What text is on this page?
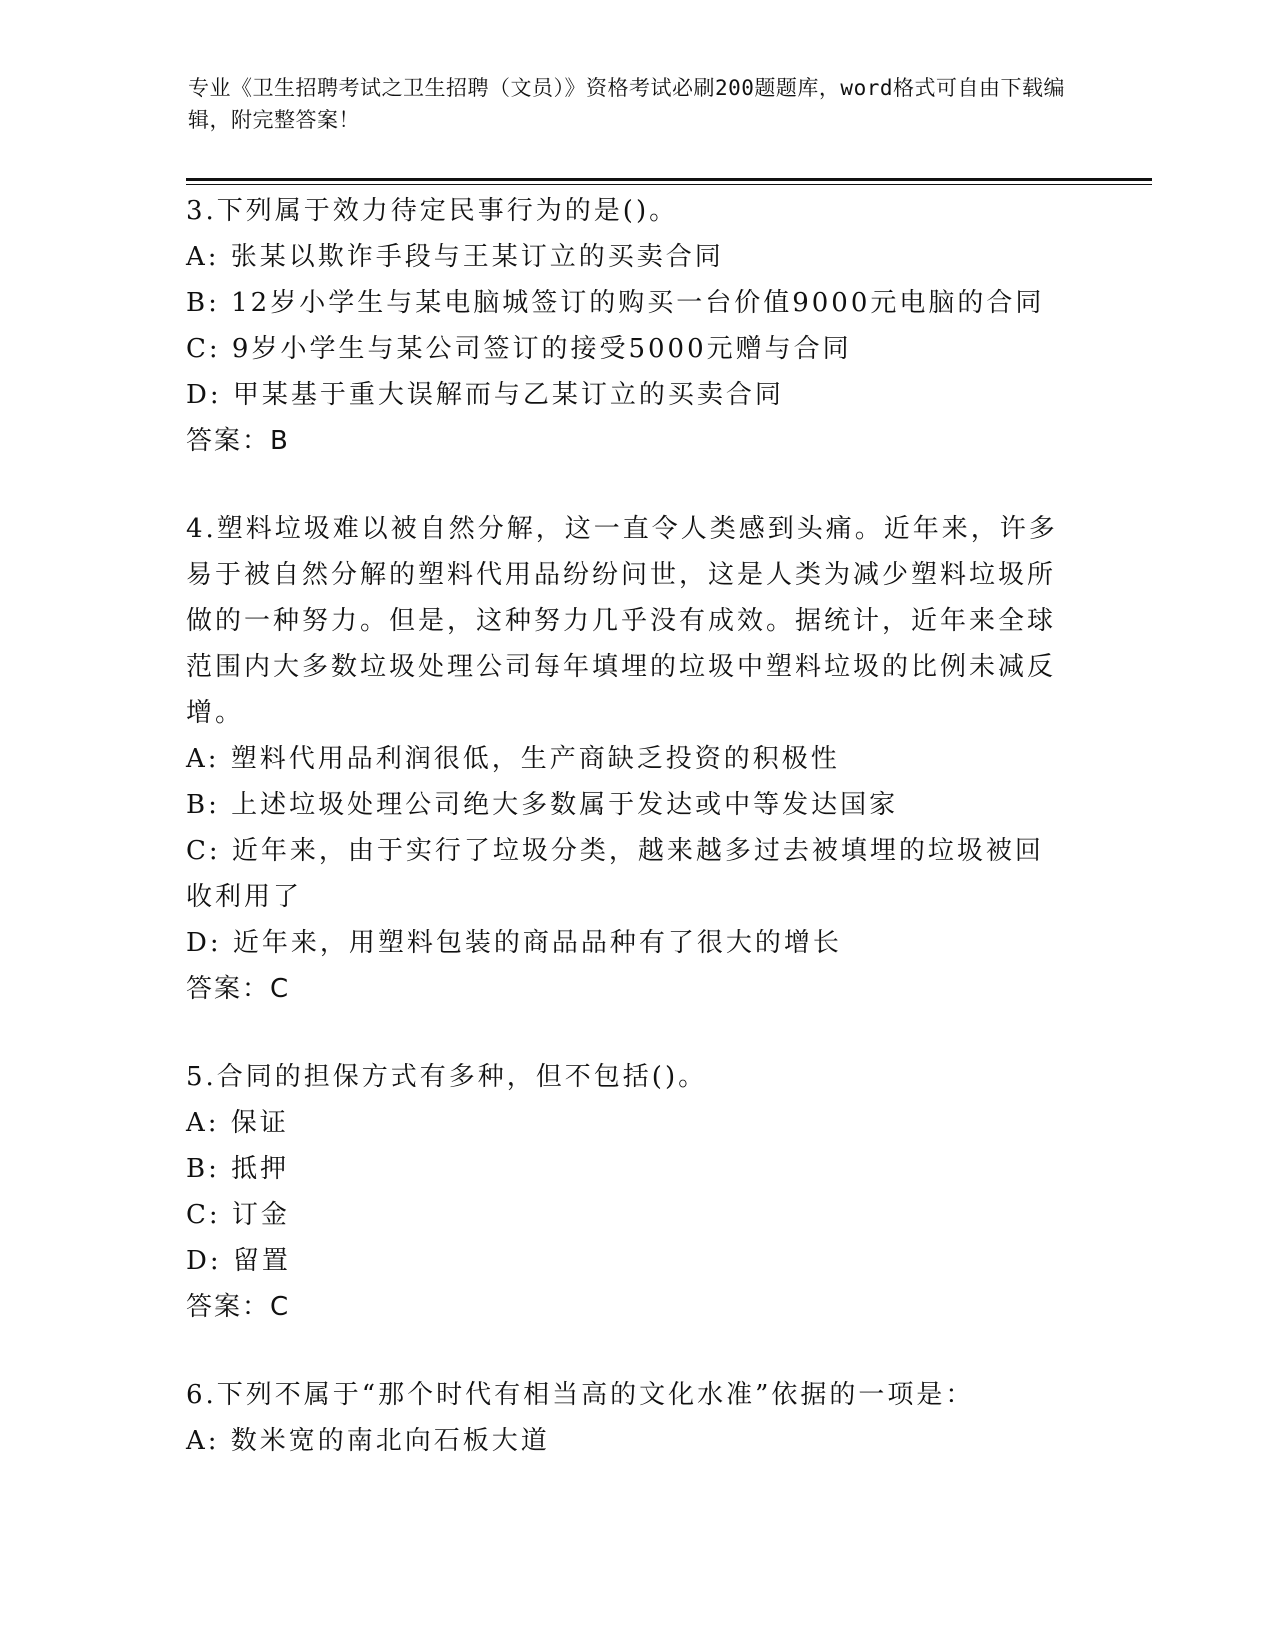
专业《卫生招聘考试之卫生招聘（文员）》资格考试必刷200题题库，word格式可自由下载编辑，附完整答案！
3.下列属于效力待定民事行为的是()。
A: 张某以欺诈手段与王某订立的买卖合同
B: 12岁小学生与某电脑城签订的购买一台价值9000元电脑的合同
C: 9岁小学生与某公司签订的接受5000元赠与合同
D: 甲某基于重大误解而与乙某订立的买卖合同
答案：B
4.塑料垃圾难以被自然分解，这一直令人类感到头痛。近年来，许多易于被自然分解的塑料代用品纷纷问世，这是人类为减少塑料垃圾所做的一种努力。但是，这种努力几乎没有成效。据统计，近年来全球范围内大多数垃圾处理公司每年填埋的垃圾中塑料垃圾的比例未减反增。
A: 塑料代用品利润很低，生产商缺乏投资的积极性
B: 上述垃圾处理公司绝大多数属于发达或中等发达国家
C: 近年来，由于实行了垃圾分类，越来越多过去被填埋的垃圾被回收利用了
D: 近年来，用塑料包装的商品品种有了很大的增长
答案：C
5.合同的担保方式有多种，但不包括()。
A: 保证
B: 抵押
C: 订金
D: 留置
答案：C
6.下列不属于“那个时代有相当高的文化水准”依据的一项是：
A: 数米宽的南北向石板大道
